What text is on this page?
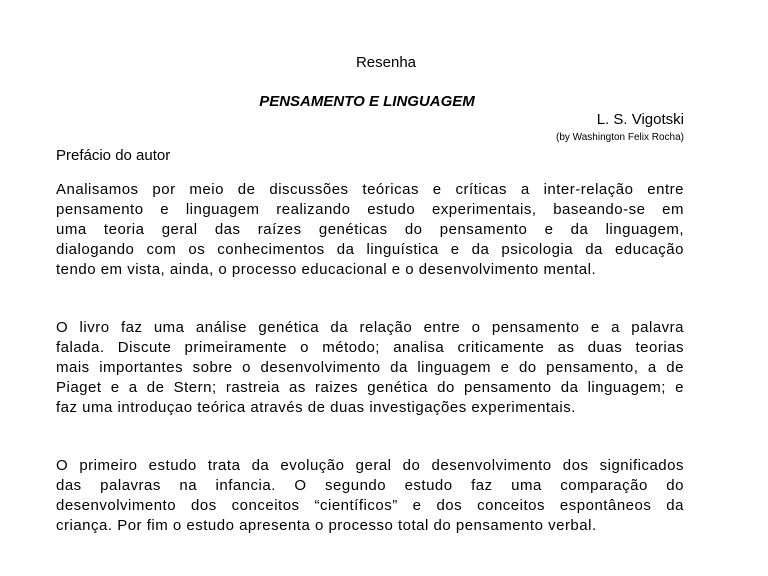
Resenha
PENSAMENTO E LINGUAGEM
L. S. Vigotski
(by Washington Felix Rocha)
Prefácio do autor
Analisamos por meio de discussões teóricas e críticas a inter-relação entre
pensamento e linguagem realizando estudo experimentais, baseando-se em
uma teoria geral das raízes genéticas do pensamento e da linguagem,
dialogando com os conhecimentos da linguística e da psicologia da educação
tendo em vista, ainda, o processo educacional e o desenvolvimento mental.
O livro faz uma análise genética da relação entre o pensamento e a palavra
falada. Discute primeiramente o método; analisa criticamente as duas teorias
mais importantes sobre o desenvolvimento da linguagem e do pensamento, a de
Piaget e a de Stern; rastreia as raizes genética do pensamento da linguagem; e
faz uma introduçao teórica através de duas investigações experimentais.
O primeiro estudo trata da evolução geral do desenvolvimento dos significados
das palavras na infancia. O segundo estudo faz uma comparação do
desenvolvimento dos conceitos “científicos” e dos conceitos espontâneos da
criança. Por fim o estudo apresenta o processo total do pensamento verbal.
